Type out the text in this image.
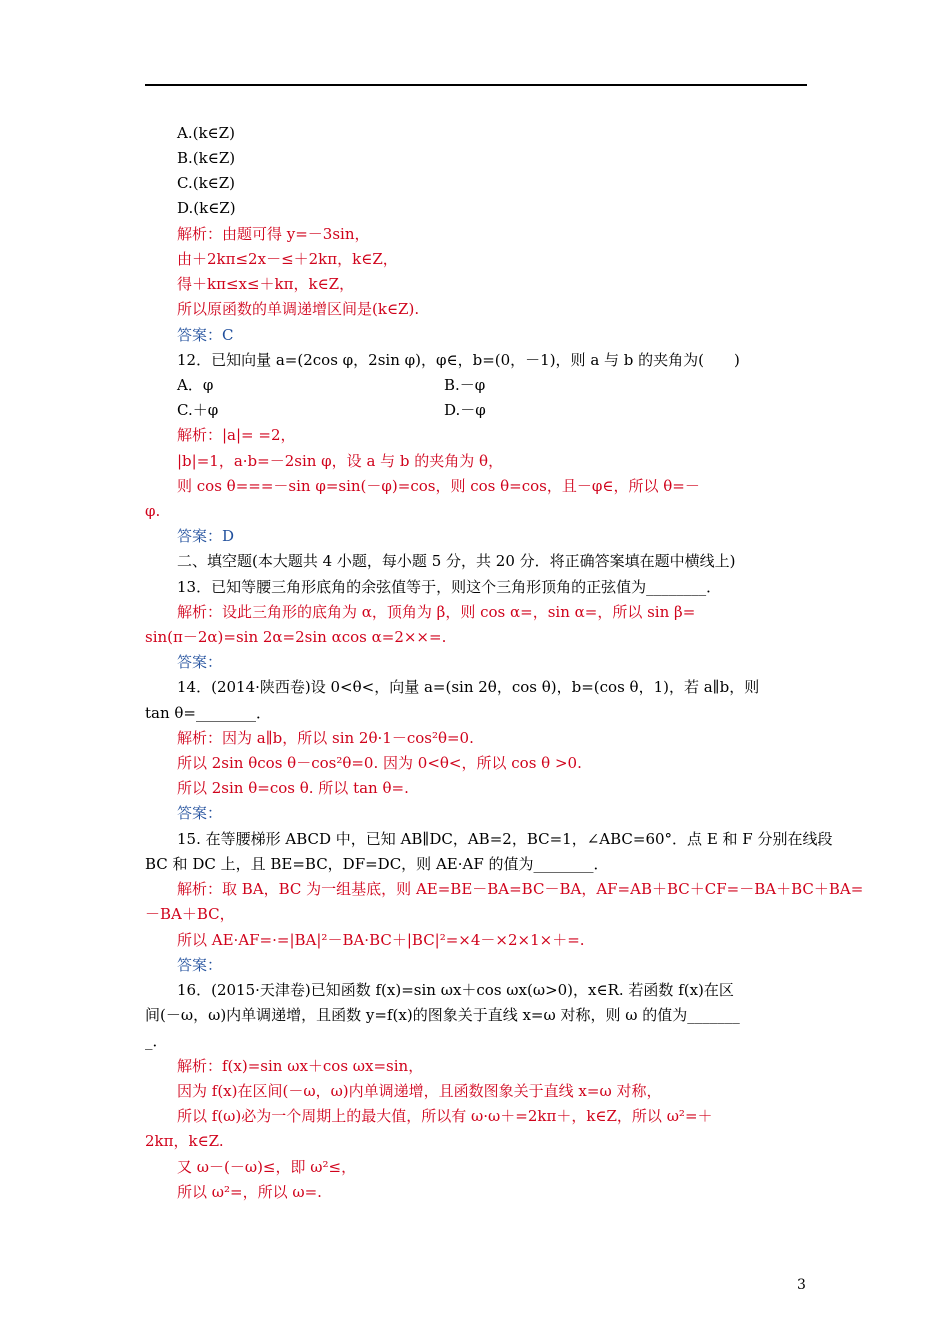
A.(k∈Z)
B.(k∈Z)
C.(k∈Z)
D.(k∈Z)
解析：由题可得 y=－3sin，
由＋2kπ≤2x－≤＋2kπ，k∈Z，
得＋kπ≤x≤＋kπ，k∈Z，
所以原函数的单调递增区间是(k∈Z).
答案：C
12．已知向量 a=(2cos φ，2sin φ)，φ∈，b=(0，－1)，则 a 与 b 的夹角为(　　)
A．φ	B.－φ
C.＋φ	D.－φ
解析：|a|= =2，
|b|=1，a·b=－2sin φ，设 a 与 b 的夹角为 θ，
则 cos θ===－sin φ=sin(－φ)=cos，则 cos θ=cos，且－φ∈，所以 θ=－
φ.
答案：D
二、填空题(本大题共 4 小题，每小题 5 分，共 20 分．将正确答案填在题中横线上)
13．已知等腰三角形底角的余弦值等于，则这个三角形顶角的正弦值为________．
解析：设此三角形的底角为 α，顶角为 β，则 cos α=，sin α=，所以 sin β=
sin(π－2α)=sin 2α=2sin αcos α=2××=.
答案：
14．(2014·陕西卷)设 0<θ<，向量 a=(sin 2θ，cos θ)，b=(cos θ，1)，若 a∥b，则
tan θ=________．
解析：因为 a∥b，所以 sin 2θ·1－cos²θ=0.
所以 2sin θcos θ－cos²θ=0. 因为 0<θ<，所以 cos θ >0.
所以 2sin θ=cos θ. 所以 tan θ=.
答案：
15. 在等腰梯形 ABCD 中，已知 AB∥DC，AB=2，BC=1，∠ABC=60°．点 E 和 F 分别在线段
BC 和 DC 上，且 BE=BC，DF=DC，则 AE·AF 的值为________．
解析：取 BA，BC 为一组基底，则 AE=BE－BA=BC－BA，AF=AB＋BC＋CF=－BA＋BC＋BA=
－BA＋BC，
所以 AE·AF=·=|BA|²－BA·BC＋|BC|²=×4－×2×1×＋=.
答案：
16．(2015·天津卷)已知函数 f(x)=sin ωx＋cos ωx(ω>0)，x∈R. 若函数 f(x)在区
间(－ω，ω)内单调递增，且函数 y=f(x)的图象关于直线 x=ω 对称，则 ω 的值为_______
_．
解析：f(x)=sin ωx＋cos ωx=sin，
因为 f(x)在区间(－ω，ω)内单调递增，且函数图象关于直线 x=ω 对称，
所以 f(ω)必为一个周期上的最大值，所以有 ω·ω＋=2kπ＋，k∈Z，所以 ω²=＋
2kπ，k∈Z.
又 ω－(－ω)≤，即 ω²≤，
所以 ω²=，所以 ω=.
3
